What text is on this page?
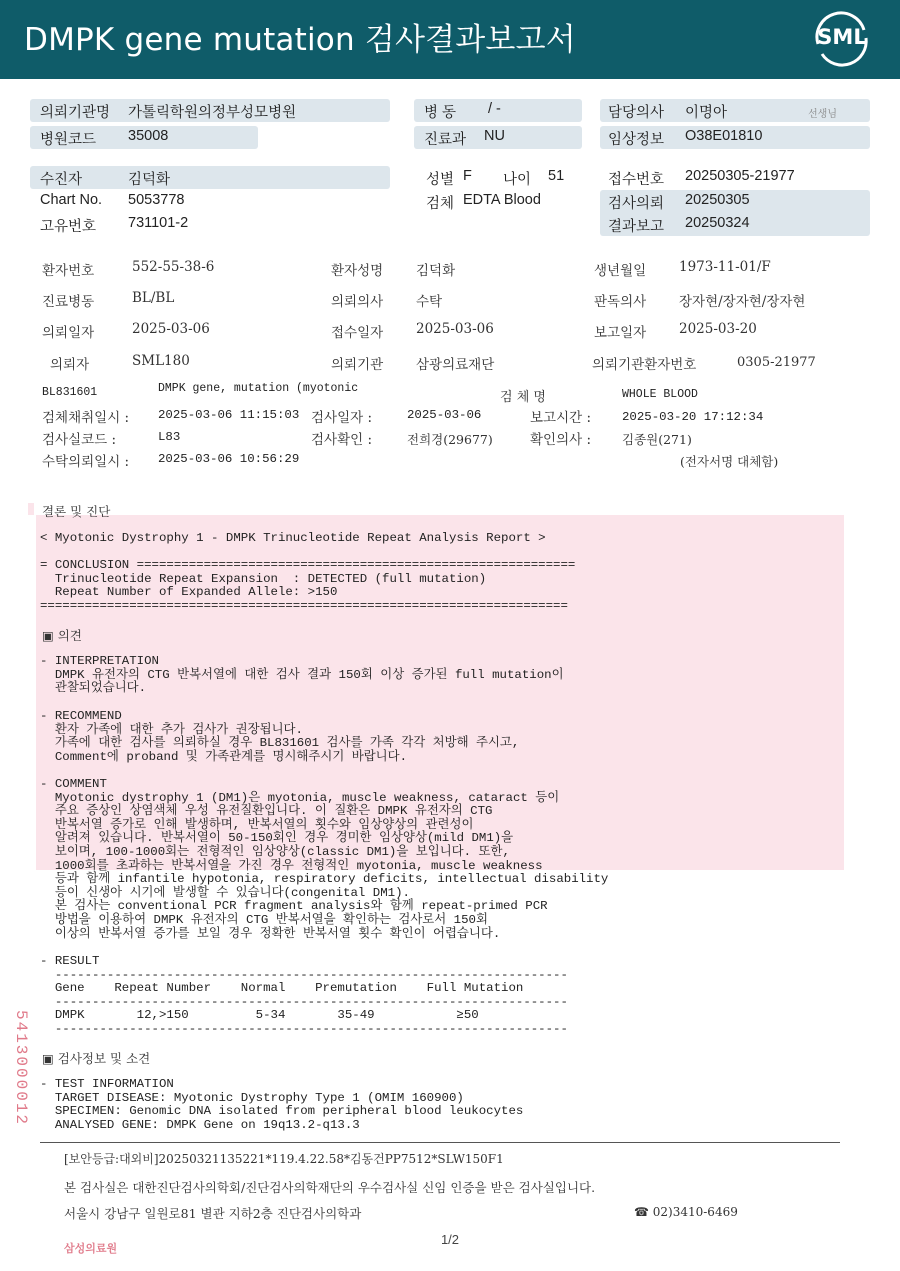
DMPK gene mutation 검사결과보고서	SML
의뢰기관명 가톨릭학원의정부성모병원	병 동 / -	담당의사 이명아	선생님
병원코드 35008	진료과 NU	임상정보 O38E01810
수진자	김덕화	성별 F 나이 51	접수번호 20250305-21977
Chart No. 5053778	검체 EDTA Blood	검사의뢰 20250305
고유번호 731101-2	결과보고 20250324
환자번호	552-55-38-6	환자성명 김덕화	생년월일 1973-11-01/F
진료병동	BL/BL	의뢰의사 수탁	판독의사 장자현/장자현/장자현
의뢰일자	2025-03-06	접수일자 2025-03-06	보고일자 2025-03-20
의뢰자	SML180	의뢰기관 삼광의료재단	의뢰기관환자번호	0305-21977
BL831601	DMPK gene, mutation (myotonic
검 체 명	WHOLE BLOOD
검체채취일시 : 2025-03-06 11:15:03 검사일자 :	2025-03-06	보고시간 : 2025-03-20 17:12:34
검사실코드 :	L83	검사확인 :	전희경(29677)	확인의사 : 김종원(271)
수탁의뢰일시 : 2025-03-06 10:56:29	(전자서명 대체함)
결론 및 진단
< Myotonic Dystrophy 1 - DMPK Trinucleotide Repeat Analysis Report >
= CONCLUSION ===========================================================
Trinucleotide Repeat Expansion  : DETECTED (full mutation)
Repeat Number of Expanded Allele: >150
=======================================================================
▣ 의견
- INTERPRETATION
DMPK 유전자의 CTG 반복서열에 대한 검사 결과 150회 이상 증가된 full mutation이
관찰되었습니다.
- RECOMMEND
환자 가족에 대한 추가 검사가 권장됩니다.
가족에 대한 검사를 의뢰하실 경우 BL831601 검사를 가족 각각 처방해 주시고,
Comment에 proband 및 가족관계를 명시해주시기 바랍니다.
- COMMENT
Myotonic dystrophy 1 (DM1)은 myotonia, muscle weakness, cataract 등이
주요 증상인 상염색체 우성 유전질환입니다. 이 질환은 DMPK 유전자의 CTG
반복서열 증가로 인해 발생하며, 반복서열의 횟수와 임상양상의 관련성이
알려져 있습니다. 반복서열이 50-150회인 경우 경미한 임상양상(mild DM1)을
보이며, 100-1000회는 전형적인 임상양상(classic DM1)을 보입니다. 또한,
1000회를 초과하는 반복서열을 가진 경우 전형적인 myotonia, muscle weakness
등과 함께 infantile hypotonia, respiratory deficits, intellectual disability
등이 신생아 시기에 발생할 수 있습니다(congenital DM1).
본 검사는 conventional PCR fragment analysis와 함께 repeat-primed PCR
방법을 이용하여 DMPK 유전자의 CTG 반복서열을 확인하는 검사로서 150회
이상의 반복서열 증가를 보일 경우 정확한 반복서열 횟수 확인이 어렵습니다.
- RESULT
---------------------------------------------------------------------
Gene    Repeat Number    Normal    Premutation    Full Mutation
---------------------------------------------------------------------
DMPK       12,>150         5-34       35-49           ≥50
---------------------------------------------------------------------
▣ 검사정보 및 소견
- TEST INFORMATION
TARGET DISEASE: Myotonic Dystrophy Type 1 (OMIM 160900)
SPECIMEN: Genomic DNA isolated from peripheral blood leukocytes
ANALYSED GENE: DMPK Gene on 19q13.2-q13.3
5413000012
[보안등급:대외비]20250321135221*119.4.22.58*김동건PP7512*SLW150F1
본 검사실은 대한진단검사의학회/진단검사의학재단의 우수검사실 신임 인증을 받은 검사실입니다.
서울시 강남구 일원로81 별관 지하2층 진단검사의학과	☎ 02)3410-6469
삼성의료원
1/2
